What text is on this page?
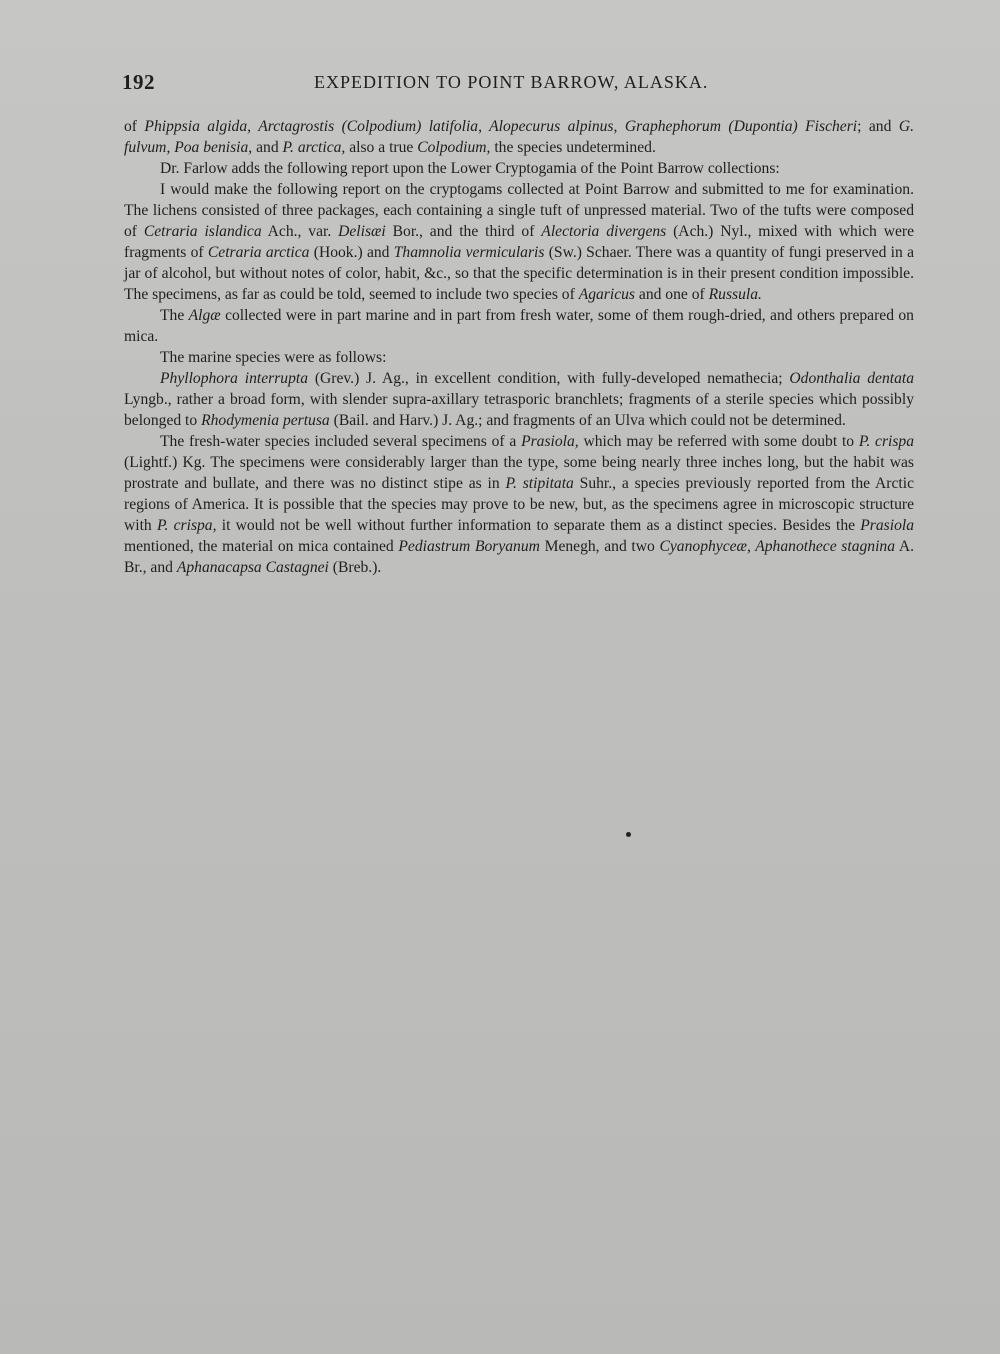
192	EXPEDITION TO POINT BARROW, ALASKA.

of Phippsia algida, Arctagrostis (Colpodium) latifolia, Alopecurus alpinus, Graphephorum (Dupontia) Fischeri; and G. fulvum, Poa benisia, and P. arctica, also a true Colpodium, the species undetermined.

Dr. Farlow adds the following report upon the Lower Cryptogamia of the Point Barrow collections:

I would make the following report on the cryptogams collected at Point Barrow and submitted to me for examination. The lichens consisted of three packages, each containing a single tuft of unpressed material. Two of the tufts were composed of Cetraria islandica Ach., var. Delisæi Bor., and the third of Alectoria divergens (Ach.) Nyl., mixed with which were fragments of Cetraria arctica (Hook.) and Thamnolia vermicularis (Sw.) Schaer. There was a quantity of fungi preserved in a jar of alcohol, but without notes of color, habit, &c., so that the specific determination is in their present condition impossible. The specimens, as far as could be told, seemed to include two species of Agaricus and one of Russula.

The Algæ collected were in part marine and in part from fresh water, some of them rough-dried, and others prepared on mica.

The marine species were as follows:

Phyllophora interrupta (Grev.) J. Ag., in excellent condition, with fully-developed nemathecia; Odonthalia dentata Lyngb., rather a broad form, with slender supra-axillary tetrasporic branchlets; fragments of a sterile species which possibly belonged to Rhodymenia pertusa (Bail. and Harv.) J. Ag.; and fragments of an Ulva which could not be determined.

The fresh-water species included several specimens of a Prasiola, which may be referred with some doubt to P. crispa (Lightf.) Kg. The specimens were considerably larger than the type, some being nearly three inches long, but the habit was prostrate and bullate, and there was no distinct stipe as in P. stipitata Suhr., a species previously reported from the Arctic regions of America. It is possible that the species may prove to be new, but, as the specimens agree in microscopic structure with P. crispa, it would not be well without further information to separate them as a distinct species. Besides the Prasiola mentioned, the material on mica contained Pediastrum Boryanum Menegh, and two Cyanophyceæ, Aphanothece stagnina A. Br., and Aphanacapsa Castagnei (Breb.).
